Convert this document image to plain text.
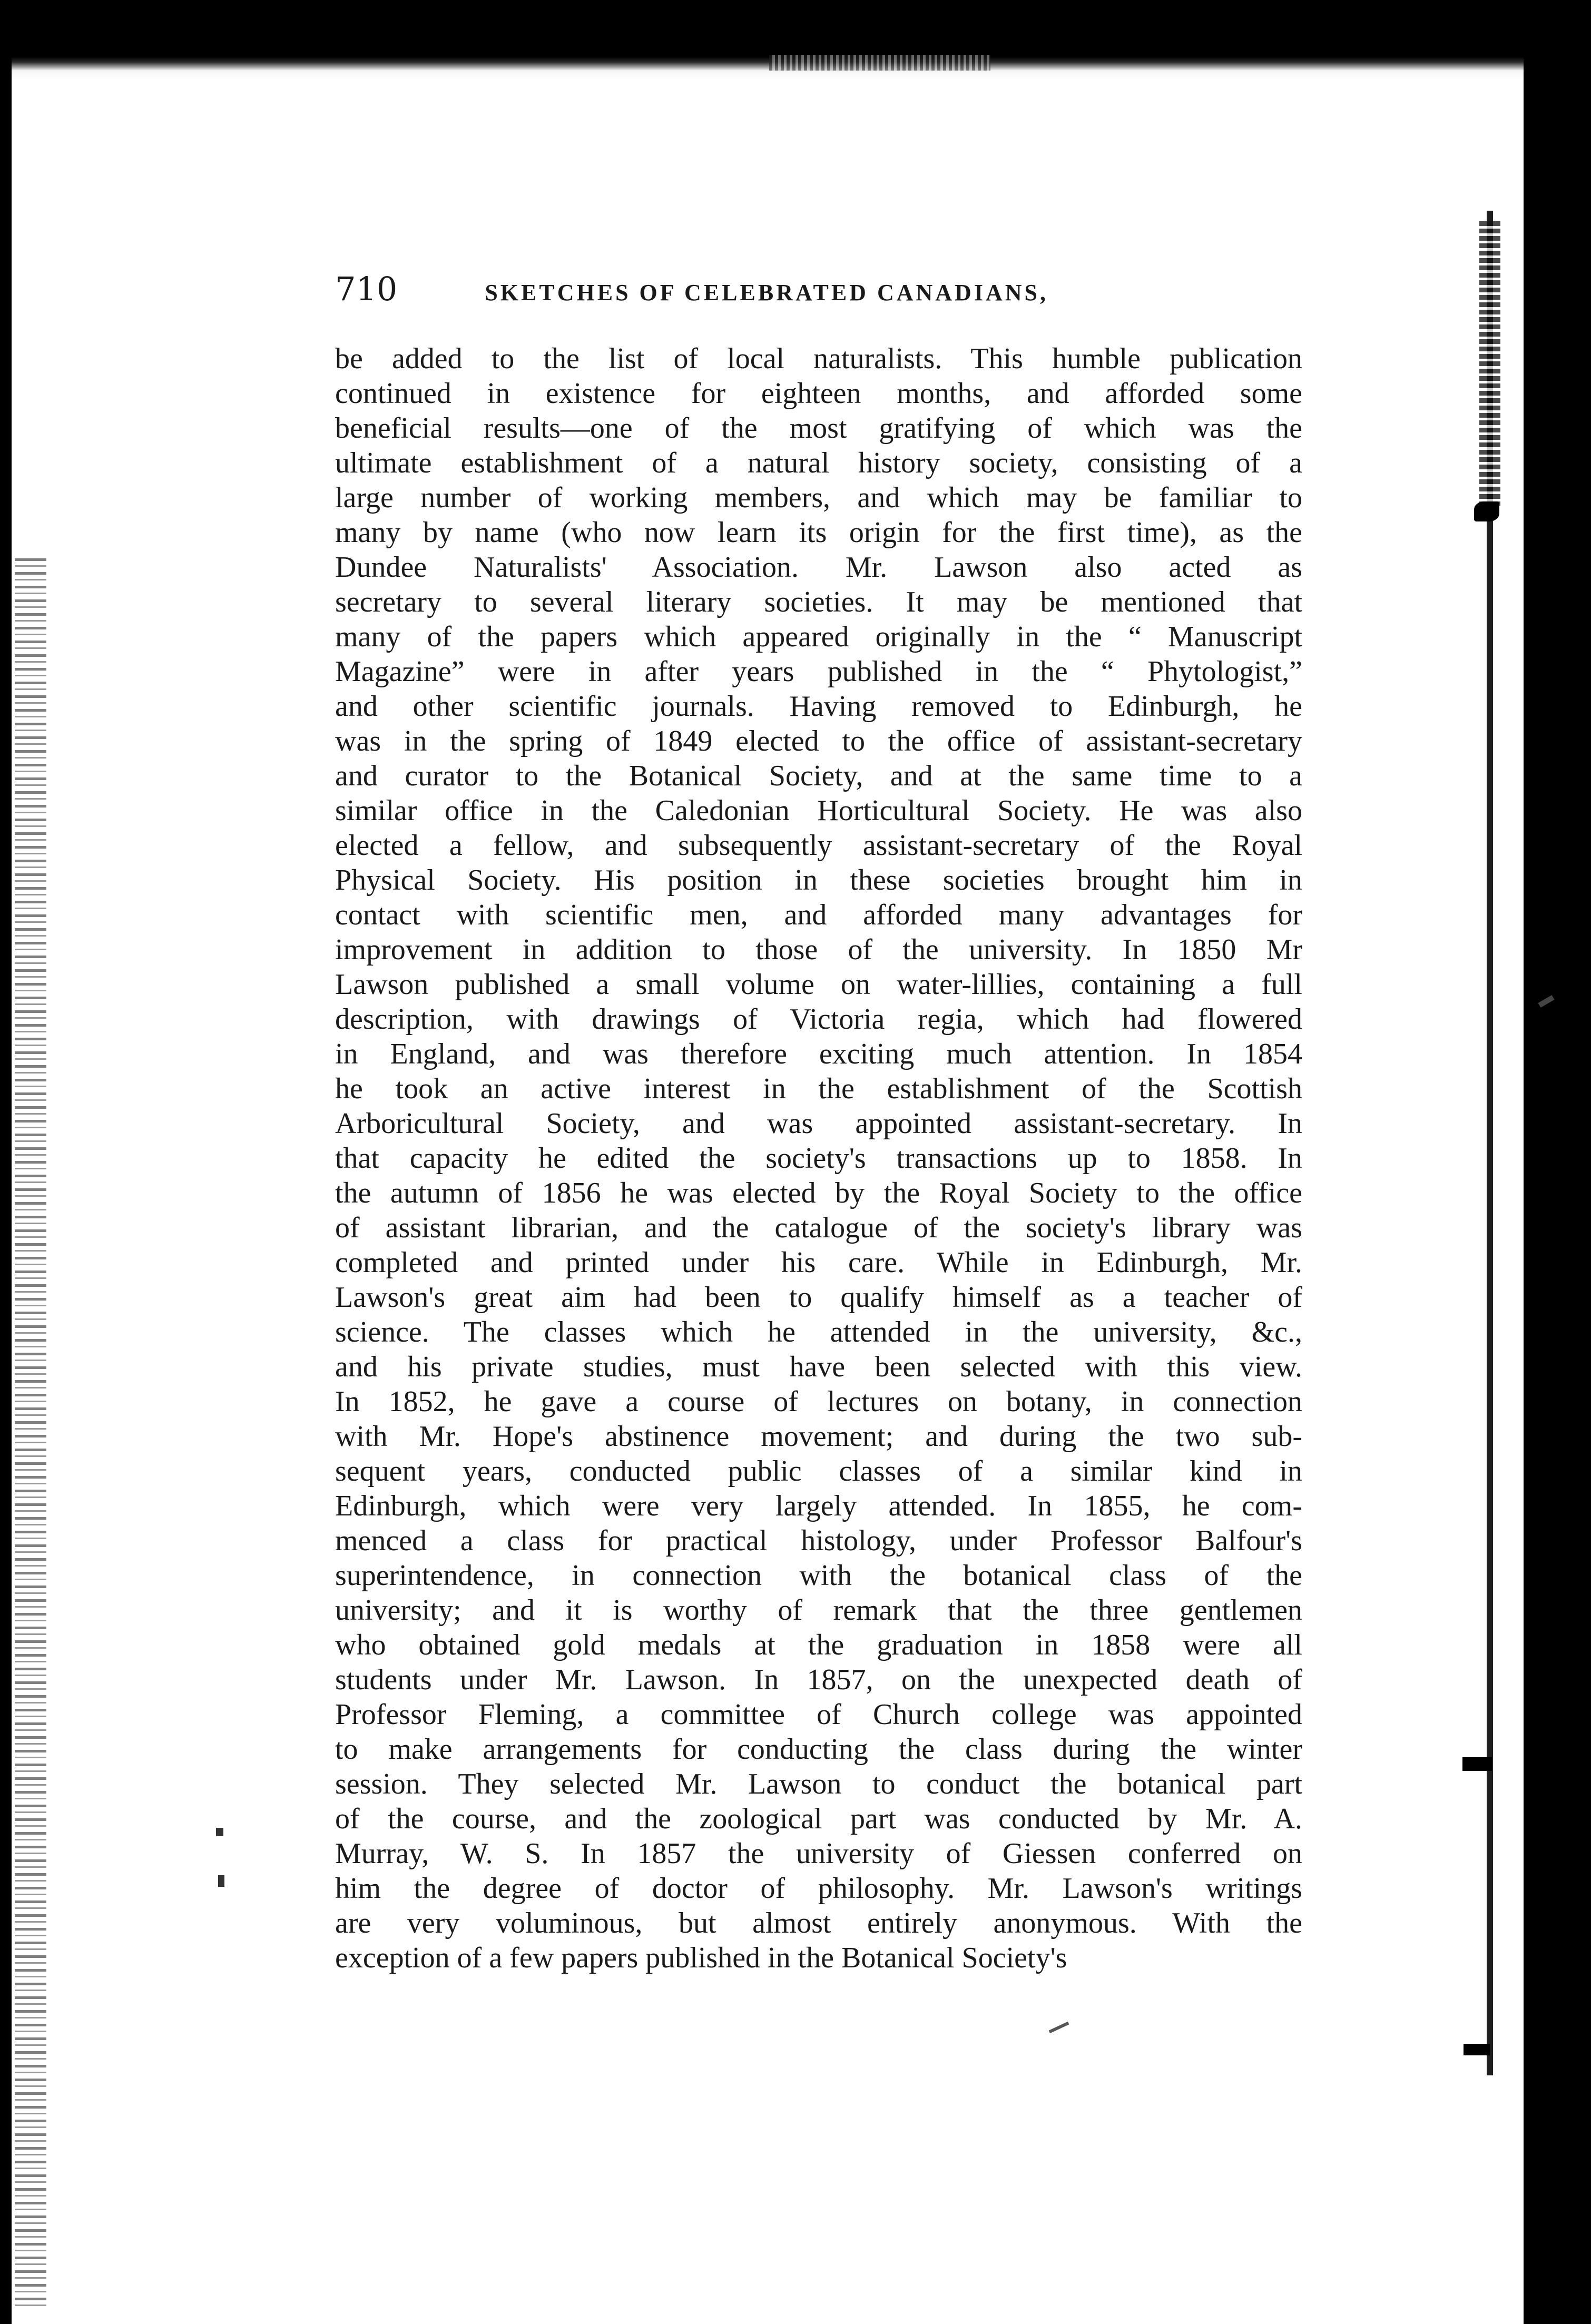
710	SKETCHES OF CELEBRATED CANADIANS,
be added to the list of local naturalists. This humble publication
continued in existence for eighteen months, and afforded some
beneficial results—one of the most gratifying of which was the
ultimate establishment of a natural history society, consisting of a
large number of working members, and which may be familiar to
many by name (who now learn its origin for the first time), as the
Dundee Naturalists' Association. Mr. Lawson also acted as
secretary to several literary societies. It may be mentioned that
many of the papers which appeared originally in the “ Manuscript
Magazine” were in after years published in the “ Phytologist,”
and other scientific journals. Having removed to Edinburgh, he
was in the spring of 1849 elected to the office of assistant-secretary
and curator to the Botanical Society, and at the same time to a
similar office in the Caledonian Horticultural Society. He was also
elected a fellow, and subsequently assistant-secretary of the Royal
Physical Society. His position in these societies brought him in
contact with scientific men, and afforded many advantages for
improvement in addition to those of the university. In 1850 Mr
Lawson published a small volume on water-lillies, containing a full
description, with drawings of Victoria regia, which had flowered
in England, and was therefore exciting much attention. In 1854
he took an active interest in the establishment of the Scottish
Arboricultural Society, and was appointed assistant-secretary. In
that capacity he edited the society's transactions up to 1858. In
the autumn of 1856 he was elected by the Royal Society to the office
of assistant librarian, and the catalogue of the society's library was
completed and printed under his care. While in Edinburgh, Mr.
Lawson's great aim had been to qualify himself as a teacher of
science. The classes which he attended in the university, &c.,
and his private studies, must have been selected with this view.
In 1852, he gave a course of lectures on botany, in connection
with Mr. Hope's abstinence movement; and during the two sub-
sequent years, conducted public classes of a similar kind in
Edinburgh, which were very largely attended. In 1855, he com-
menced a class for practical histology, under Professor Balfour's
superintendence, in connection with the botanical class of the
university; and it is worthy of remark that the three gentlemen
who obtained gold medals at the graduation in 1858 were all
students under Mr. Lawson. In 1857, on the unexpected death of
Professor Fleming, a committee of Church college was appointed
to make arrangements for conducting the class during the winter
session. They selected Mr. Lawson to conduct the botanical part
of the course, and the zoological part was conducted by Mr. A.
Murray, W. S. In 1857 the university of Giessen conferred on
him the degree of doctor of philosophy. Mr. Lawson's writings
are very voluminous, but almost entirely anonymous. With the
exception of a few papers published in the Botanical Society's
